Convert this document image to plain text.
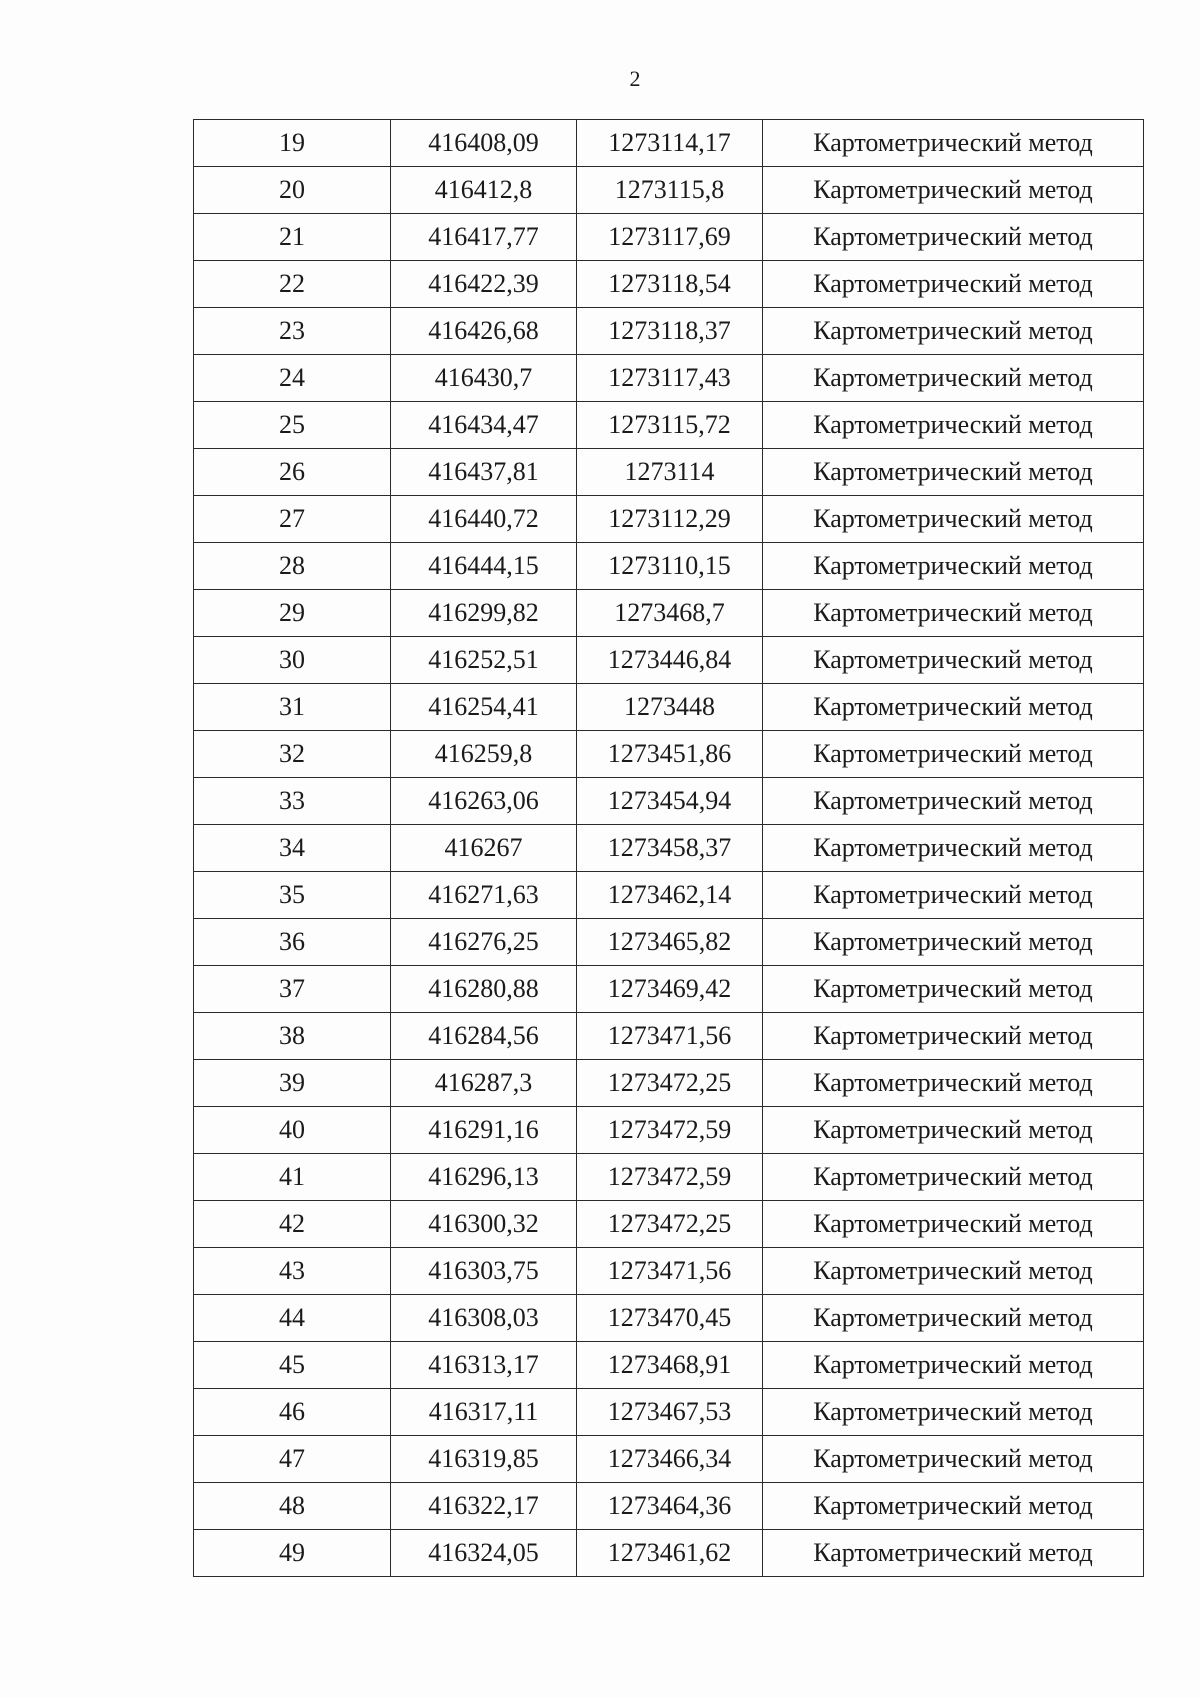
2
19	416408,09	1273114,17	Картометрический метод
20	416412,8	1273115,8	Картометрический метод
21	416417,77	1273117,69	Картометрический метод
22	416422,39	1273118,54	Картометрический метод
23	416426,68	1273118,37	Картометрический метод
24	416430,7	1273117,43	Картометрический метод
25	416434,47	1273115,72	Картометрический метод
26	416437,81	1273114	Картометрический метод
27	416440,72	1273112,29	Картометрический метод
28	416444,15	1273110,15	Картометрический метод
29	416299,82	1273468,7	Картометрический метод
30	416252,51	1273446,84	Картометрический метод
31	416254,41	1273448	Картометрический метод
32	416259,8	1273451,86	Картометрический метод
33	416263,06	1273454,94	Картометрический метод
34	416267	1273458,37	Картометрический метод
35	416271,63	1273462,14	Картометрический метод
36	416276,25	1273465,82	Картометрический метод
37	416280,88	1273469,42	Картометрический метод
38	416284,56	1273471,56	Картометрический метод
39	416287,3	1273472,25	Картометрический метод
40	416291,16	1273472,59	Картометрический метод
41	416296,13	1273472,59	Картометрический метод
42	416300,32	1273472,25	Картометрический метод
43	416303,75	1273471,56	Картометрический метод
44	416308,03	1273470,45	Картометрический метод
45	416313,17	1273468,91	Картометрический метод
46	416317,11	1273467,53	Картометрический метод
47	416319,85	1273466,34	Картометрический метод
48	416322,17	1273464,36	Картометрический метод
49	416324,05	1273461,62	Картометрический метод
